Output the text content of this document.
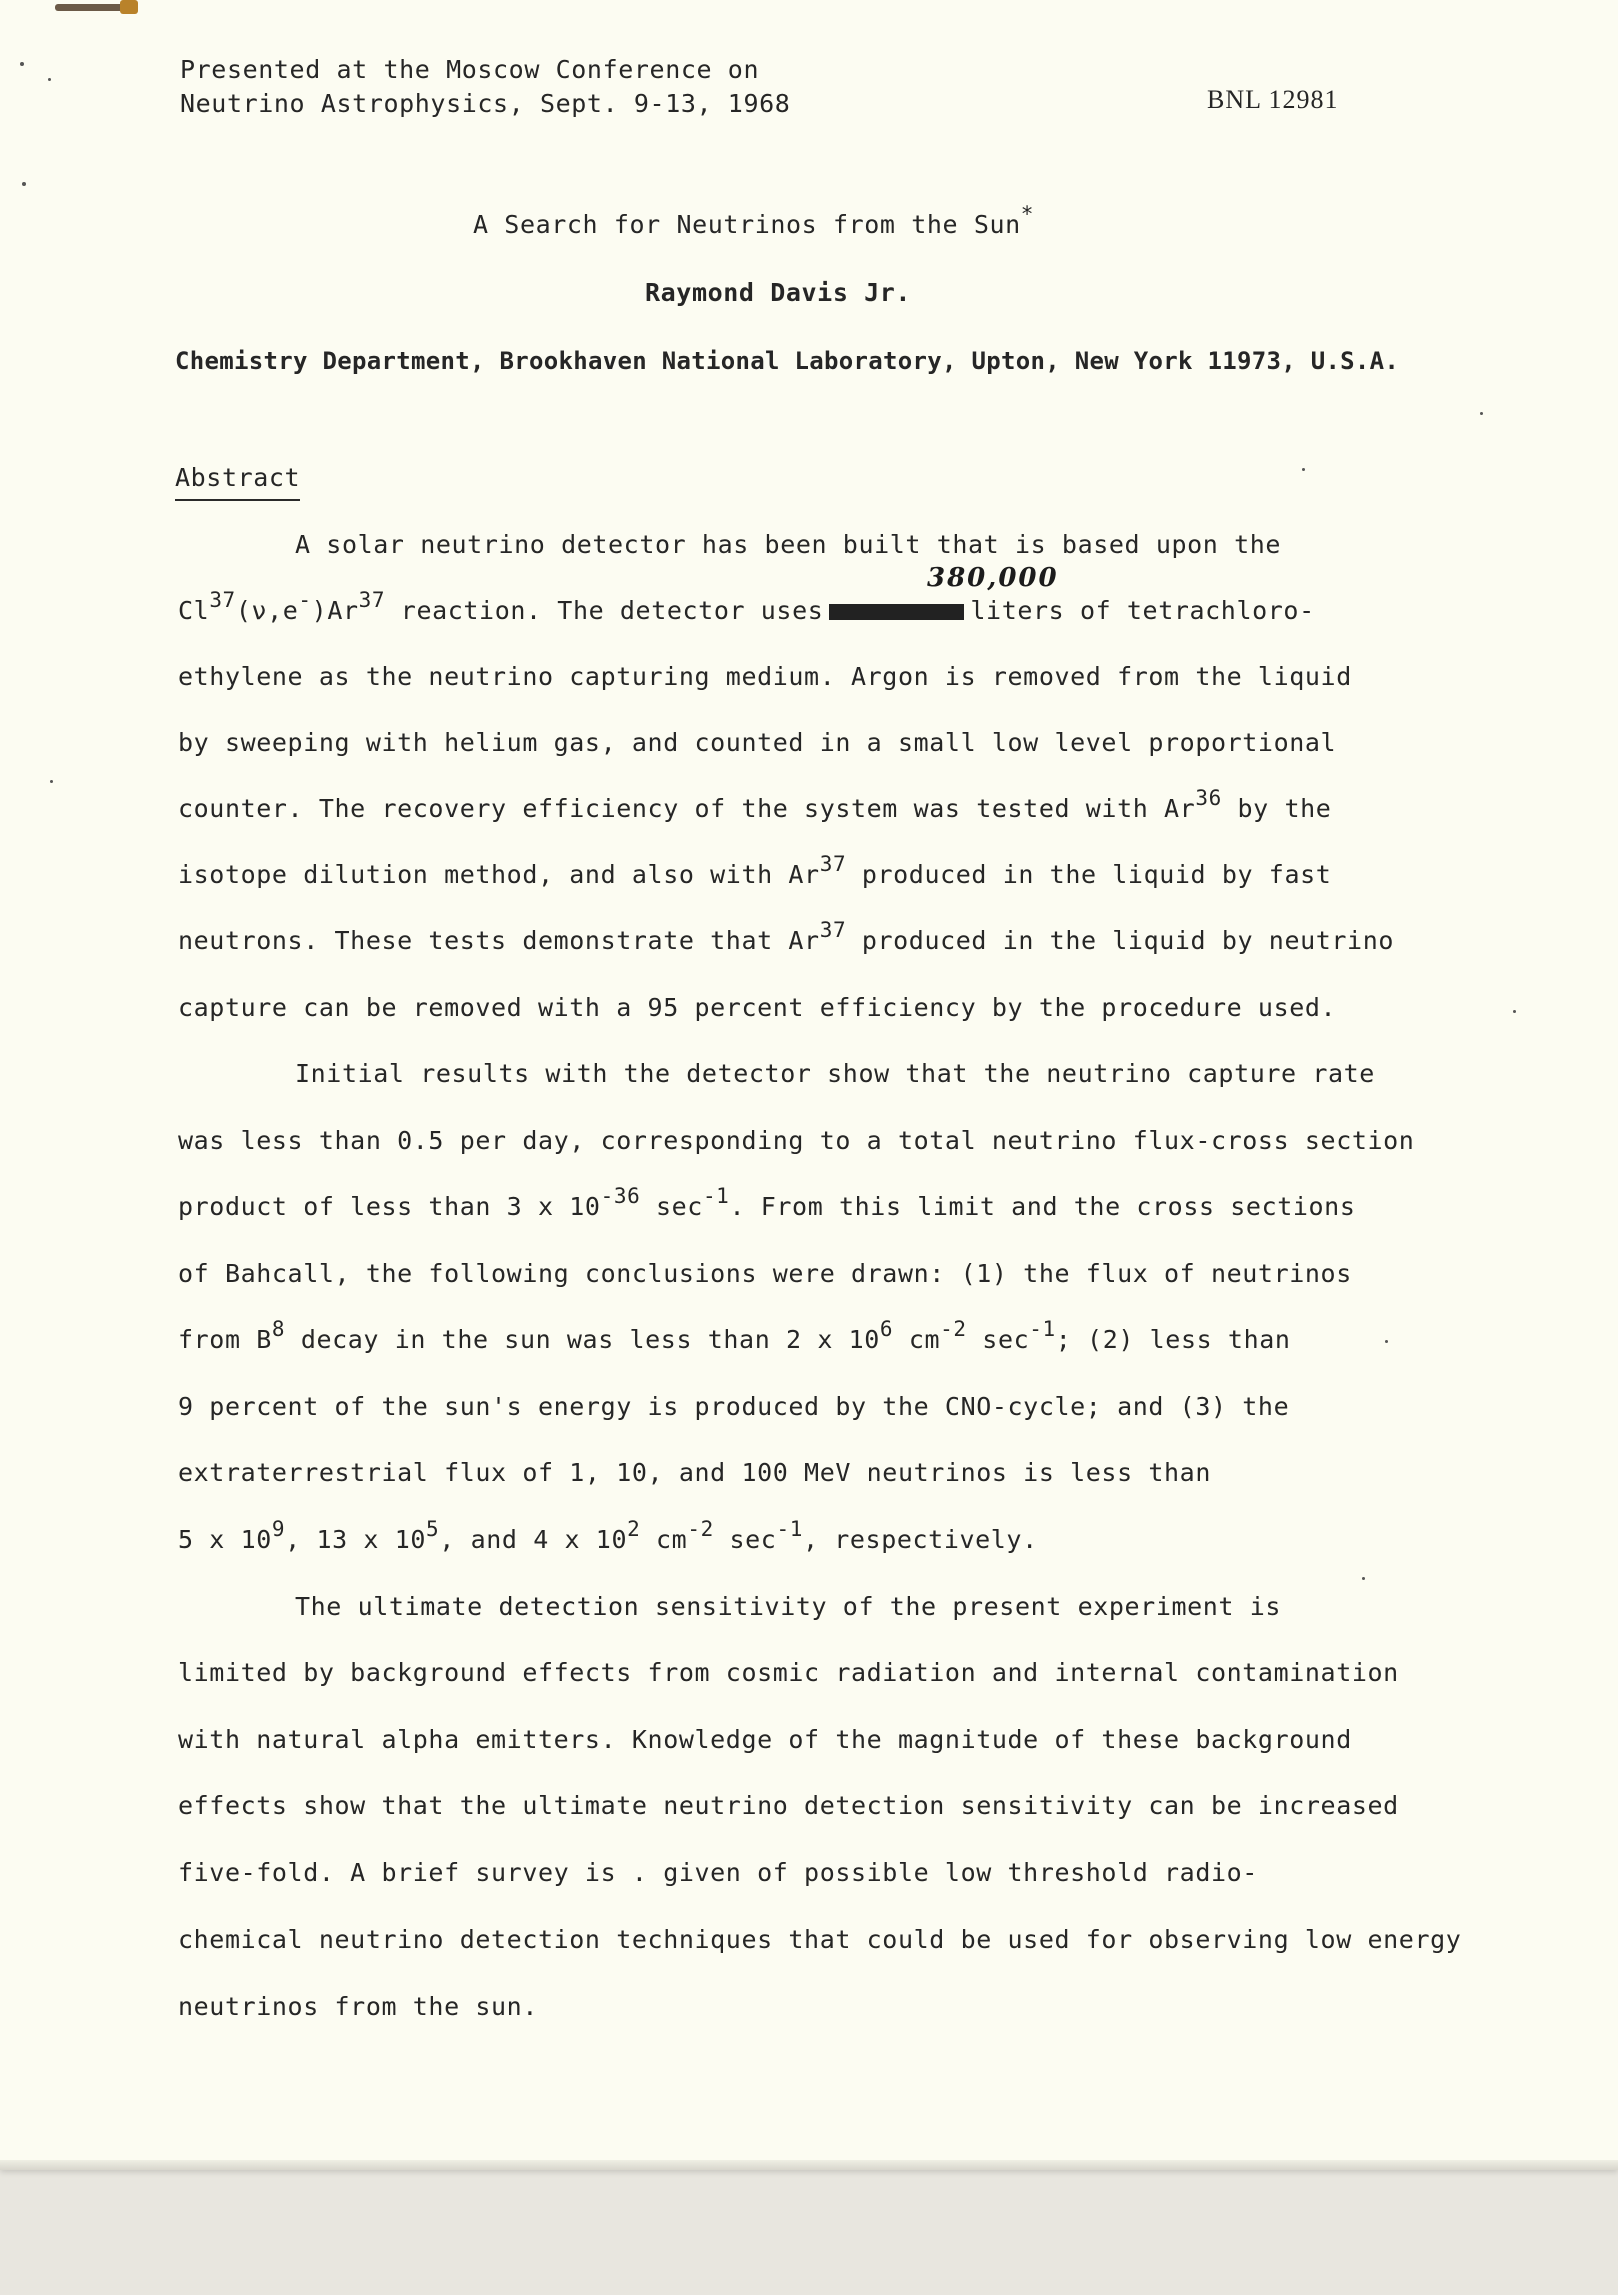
Presented at the Moscow Conference on
Neutrino Astrophysics, Sept. 9-13, 1968	BNL 12981
A Search for Neutrinos from the Sun*
Raymond Davis Jr.
Chemistry Department, Brookhaven National Laboratory, Upton, New York 11973, U.S.A.
Abstract
380,000
A solar neutrino detector has been built that is based upon the
Cl$^{37}$(ν,e-)Ar$^{37}$ reaction. The detector uses	liters of tetrachloro-
ethylene as the neutrino capturing medium. Argon is removed from the liquid
by sweeping with helium gas, and counted in a small low level proportional
counter. The recovery efficiency of the system was tested with Ar$^{36}$ by the
isotope dilution method, and also with Ar$^{37}$ produced in the liquid by fast
neutrons. These tests demonstrate that Ar$^{37}$ produced in the liquid by neutrino
capture can be removed with a 95 percent efficiency by the procedure used.
Initial results with the detector show that the neutrino capture rate
was less than 0.5 per day, corresponding to a total neutrino flux-cross section
product of less than 3 x $10^{-36}$ $\sec^{-1}$. From this limit and the cross sections
of Bahcall, the following conclusions were drawn: (1) the flux of neutrinos
from $B^8$ decay in the sun was less than 2 x $10^6$ $cm^{-2}$ $\sec^{-1}$; (2) less than
9 percent of the sun's energy is produced by the CNO-cycle; and (3) the
extraterrestrial flux of 1, 10, and 100 MeV neutrinos is less than
5 x $10^9$, 13 x $10^5$, and 4 x $10^2$ $cm^{-2}$ $\sec^{-1}$, respectively.
The ultimate detection sensitivity of the present experiment is
limited by background effects from cosmic radiation and internal contamination
with natural alpha emitters. Knowledge of the magnitude of these background
effects show that the ultimate neutrino detection sensitivity can be increased
five-fold. A brief survey is . given of possible low threshold radio-
chemical neutrino detection techniques that could be used for observing low energy
neutrinos from the sun.
